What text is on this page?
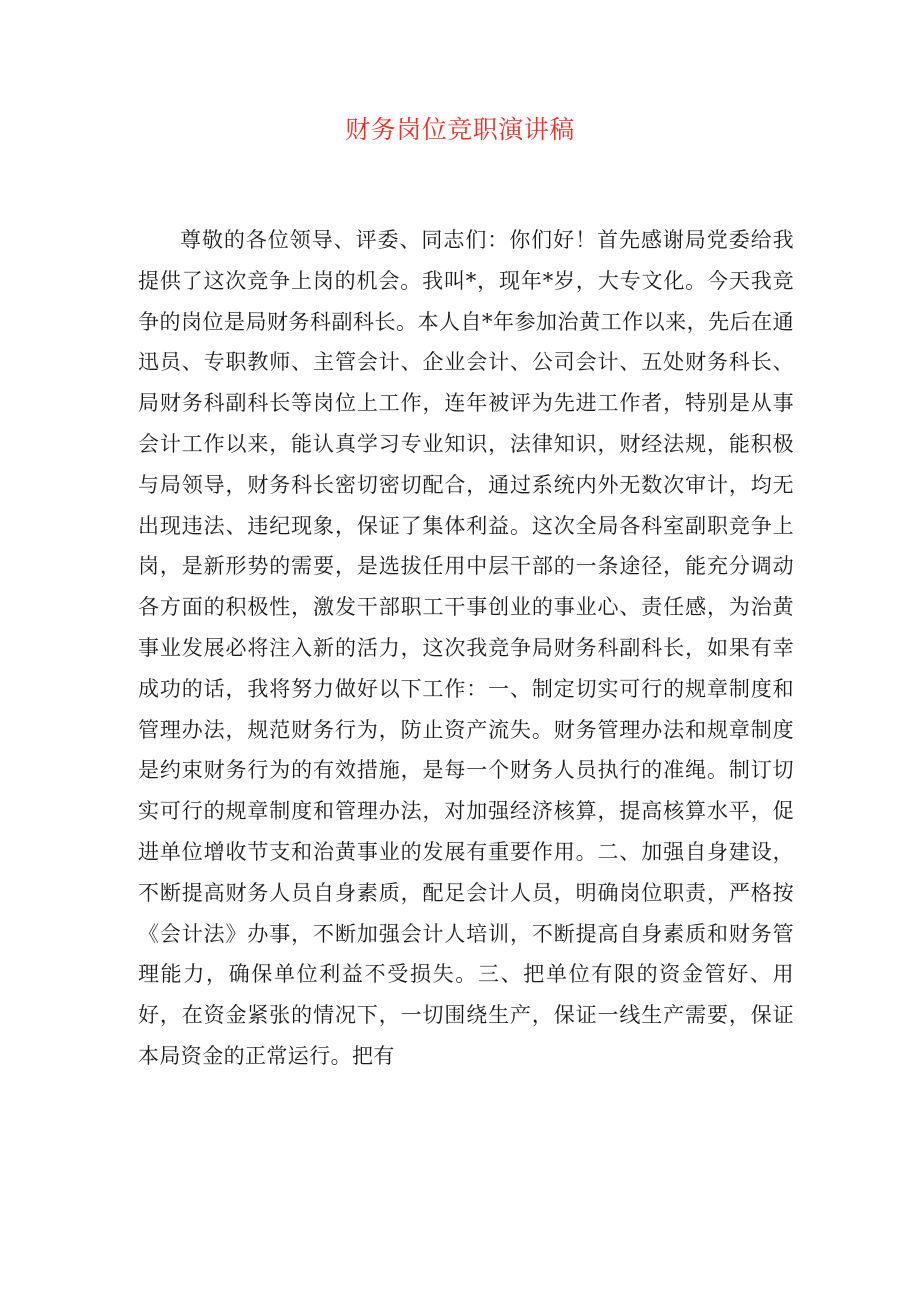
财务岗位竞职演讲稿

尊敬的各位领导、评委、同志们：你们好！首先感谢局党委给我提供了这次竞争上岗的机会。我叫*，现年*岁，大专文化。今天我竞争的岗位是局财务科副科长。本人自*年参加治黄工作以来，先后在通迅员、专职教师、主管会计、企业会计、公司会计、五处财务科长、局财务科副科长等岗位上工作，连年被评为先进工作者，特别是从事会计工作以来，能认真学习专业知识，法律知识，财经法规，能积极与局领导，财务科长密切密切配合，通过系统内外无数次审计，均无出现违法、违纪现象，保证了集体利益。这次全局各科室副职竞争上岗，是新形势的需要，是选拔任用中层干部的一条途径，能充分调动各方面的积极性，激发干部职工干事创业的事业心、责任感，为治黄事业发展必将注入新的活力，这次我竞争局财务科副科长，如果有幸成功的话，我将努力做好以下工作：一、制定切实可行的规章制度和管理办法，规范财务行为，防止资产流失。财务管理办法和规章制度是约束财务行为的有效措施，是每一个财务人员执行的准绳。制订切实可行的规章制度和管理办法，对加强经济核算，提高核算水平，促进单位增收节支和治黄事业的发展有重要作用。二、加强自身建设，不断提高财务人员自身素质，配足会计人员，明确岗位职责，严格按《会计法》办事，不断加强会计人培训，不断提高自身素质和财务管理能力，确保单位利益不受损失。三、把单位有限的资金管好、用好，在资金紧张的情况下，一切围绕生产，保证一线生产需要，保证本局资金的正常运行。把有
